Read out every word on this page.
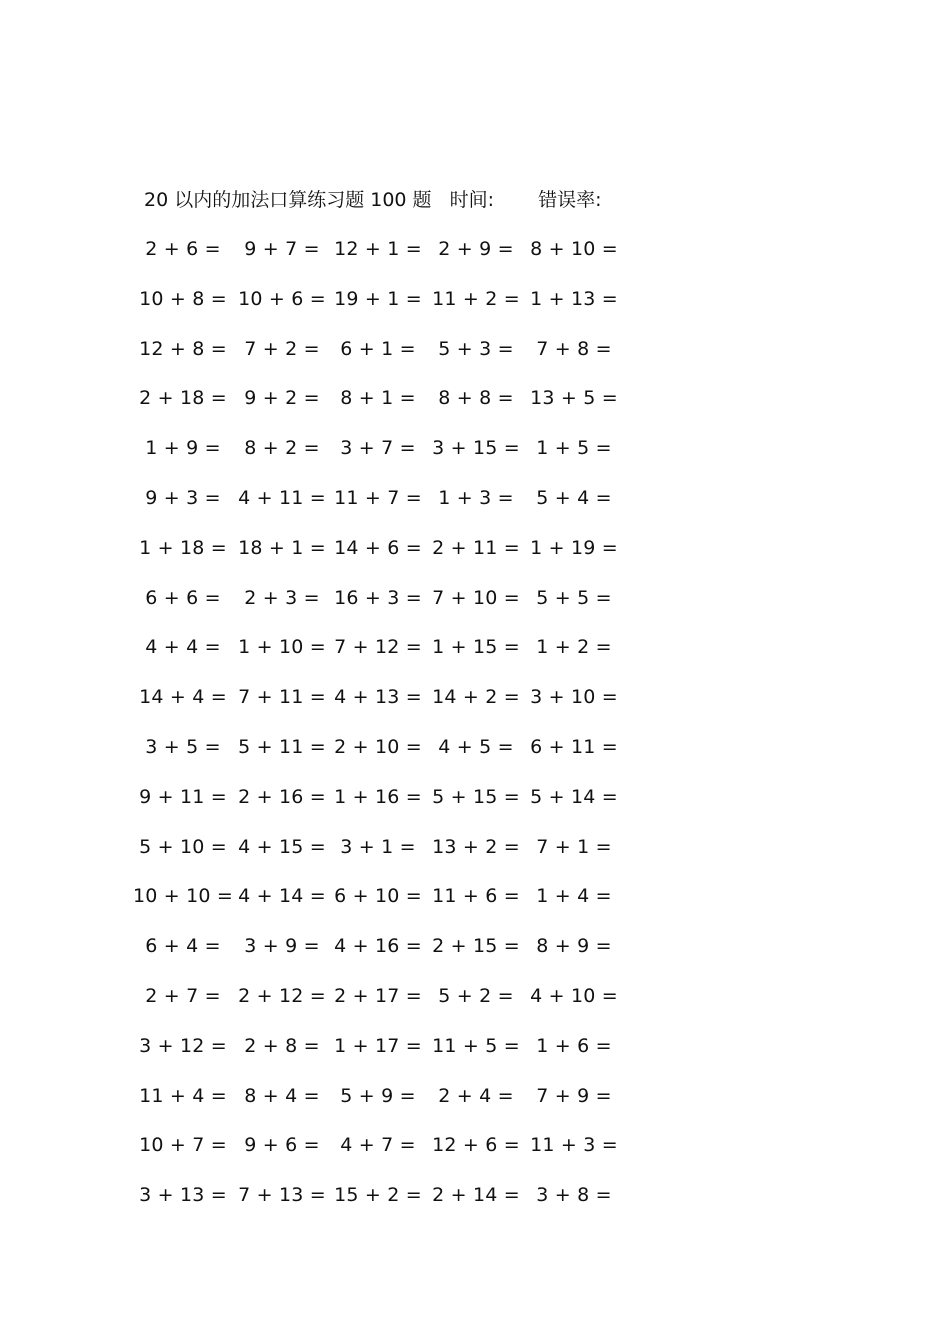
20 以内的加法口算练习题 100 题 时间: 错误率:
2 + 6 = 9 + 7 = 12 + 1 = 2 + 9 = 8 + 10 =
10 + 8 = 10 + 6 = 19 + 1 = 11 + 2 = 1 + 13 =
12 + 8 = 7 + 2 = 6 + 1 = 5 + 3 = 7 + 8 =
2 + 18 = 9 + 2 = 8 + 1 = 8 + 8 = 13 + 5 =
1 + 9 = 8 + 2 = 3 + 7 = 3 + 15 = 1 + 5 =
9 + 3 = 4 + 11 = 11 + 7 = 1 + 3 = 5 + 4 =
1 + 18 = 18 + 1 = 14 + 6 = 2 + 11 = 1 + 19 =
6 + 6 = 2 + 3 = 16 + 3 = 7 + 10 = 5 + 5 =
4 + 4 = 1 + 10 = 7 + 12 = 1 + 15 = 1 + 2 =
14 + 4 = 7 + 11 = 4 + 13 = 14 + 2 = 3 + 10 =
3 + 5 = 5 + 11 = 2 + 10 = 4 + 5 = 6 + 11 =
9 + 11 = 2 + 16 = 1 + 16 = 5 + 15 = 5 + 14 =
5 + 10 = 4 + 15 = 3 + 1 = 13 + 2 = 7 + 1 =
10 + 10 = 4 + 14 = 6 + 10 = 11 + 6 = 1 + 4 =
6 + 4 = 3 + 9 = 4 + 16 = 2 + 15 = 8 + 9 =
2 + 7 = 2 + 12 = 2 + 17 = 5 + 2 = 4 + 10 =
3 + 12 = 2 + 8 = 1 + 17 = 11 + 5 = 1 + 6 =
11 + 4 = 8 + 4 = 5 + 9 = 2 + 4 = 7 + 9 =
10 + 7 = 9 + 6 = 4 + 7 = 12 + 6 = 11 + 3 =
3 + 13 = 7 + 13 = 15 + 2 = 2 + 14 = 3 + 8 =
